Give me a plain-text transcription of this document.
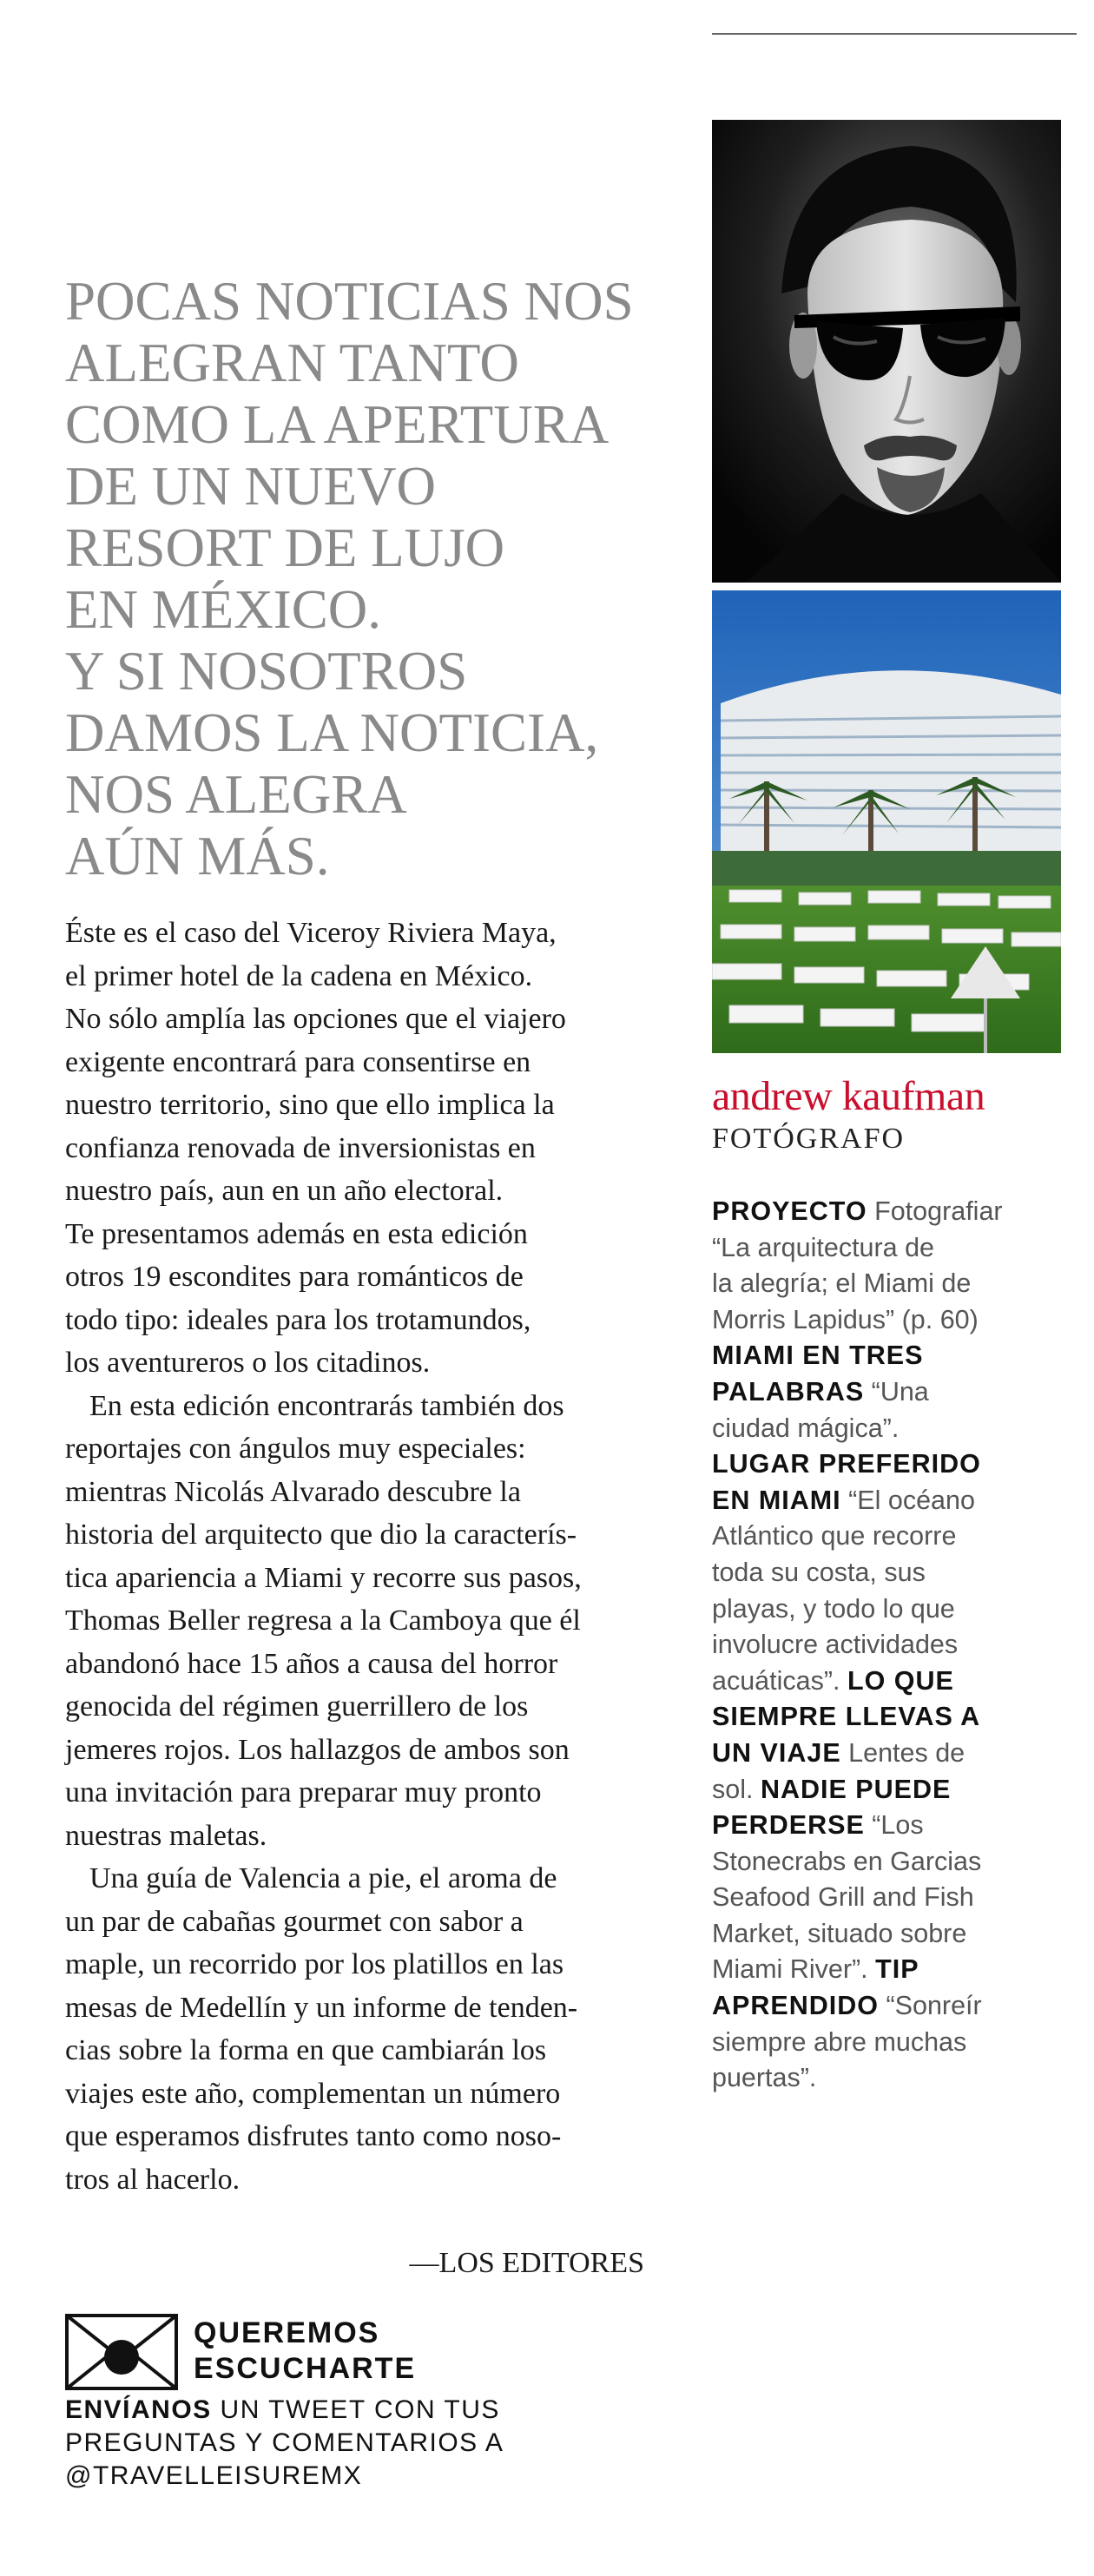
POCAS NOTICIAS NOS
ALEGRAN TANTO
COMO LA APERTURA
DE UN NUEVO
RESORT DE LUJO
EN MÉXICO.
Y SI NOSOTROS
DAMOS LA NOTICIA,
NOS ALEGRA
AÚN MÁS.

Éste es el caso del Viceroy Riviera Maya,
el primer hotel de la cadena en México.
No sólo amplía las opciones que el viajero
exigente encontrará para consentirse en
nuestro territorio, sino que ello implica la
confianza renovada de inversionistas en
nuestro país, aun en un año electoral.
Te presentamos además en esta edición
otros 19 escondites para románticos de
todo tipo: ideales para los trotamundos,
los aventureros o los citadinos.

En esta edición encontrarás también dos
reportajes con ángulos muy especiales:
mientras Nicolás Alvarado descubre la
historia del arquitecto que dio la caracterís-
tica apariencia a Miami y recorre sus pasos,
Thomas Beller regresa a la Camboya que él
abandonó hace 15 años a causa del horror
genocida del régimen guerrillero de los
jemeres rojos. Los hallazgos de ambos son
una invitación para preparar muy pronto
nuestras maletas.

Una guía de Valencia a pie, el aroma de
un par de cabañas gourmet con sabor a
maple, un recorrido por los platillos en las
mesas de Medellín y un informe de tenden-
cias sobre la forma en que cambiarán los
viajes este año, complementan un número
que esperamos disfrutes tanto como noso-
tros al hacerlo.

—LOS EDITORES
QUEREMOS
ESCUCHARTE
ENVÍANOS UN TWEET CON TUS
PREGUNTAS Y COMENTARIOS A
@TRAVELLEISUREMX
andrew kaufman
FOTÓGRAFO
PROYECTO Fotografiar
“La arquitectura de
la alegría; el Miami de
Morris Lapidus” (p. 60)
MIAMI EN TRES
PALABRAS “Una
ciudad mágica”.
LUGAR PREFERIDO
EN MIAMI “El océano
Atlántico que recorre
toda su costa, sus
playas, y todo lo que
involucre actividades
acuáticas”. LO QUE
SIEMPRE LLEVAS A
UN VIAJE Lentes de
sol. NADIE PUEDE
PERDERSE “Los
Stonecrabs en Garcias
Seafood Grill and Fish
Market, situado sobre
Miami River”. TIP
APRENDIDO “Sonreír
siempre abre muchas
puertas”.
